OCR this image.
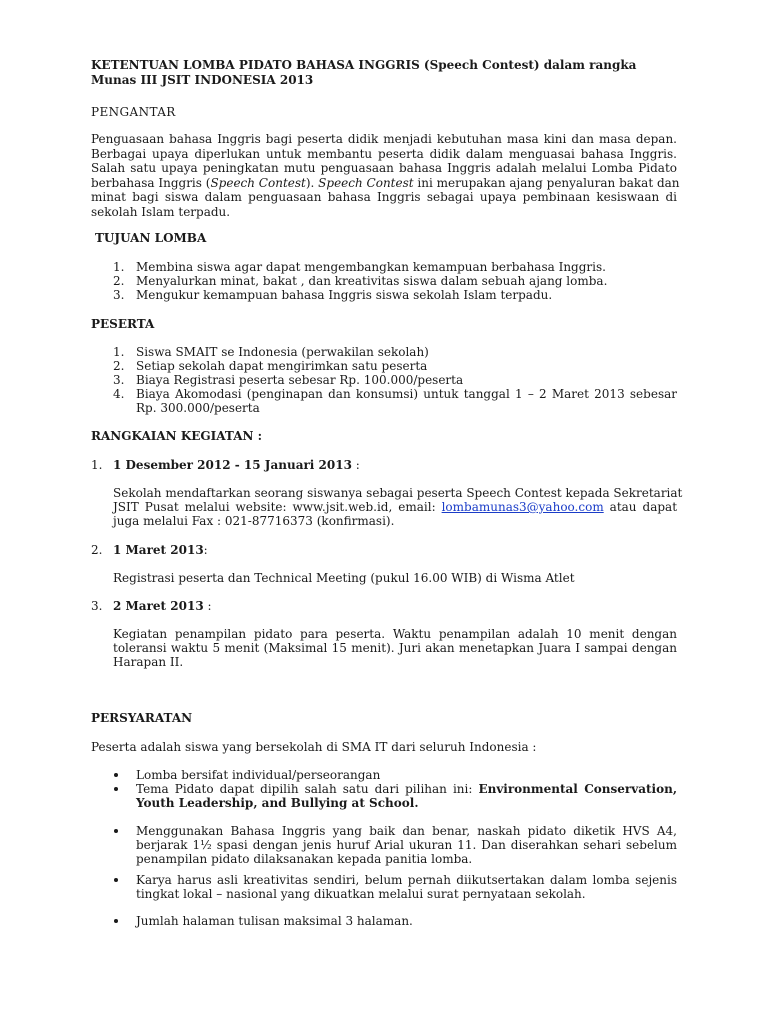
KETENTUAN LOMBA PIDATO BAHASA INGGRIS (Speech Contest) dalam rangka
Munas III JSIT INDONESIA 2013
PENGANTAR
Penguasaan bahasa Inggris bagi peserta didik menjadi kebutuhan masa kini dan masa depan.
Berbagai upaya diperlukan untuk membantu peserta didik dalam menguasai bahasa Inggris.
Salah satu upaya peningkatan mutu penguasaan bahasa Inggris adalah melalui Lomba Pidato
berbahasa Inggris (Speech Contest). Speech Contest ini merupakan ajang penyaluran bakat dan
minat bagi siswa dalam penguasaan bahasa Inggris sebagai upaya pembinaan kesiswaan di
sekolah Islam terpadu.
TUJUAN LOMBA
1. Membina siswa agar dapat mengembangkan kemampuan berbahasa Inggris.
2. Menyalurkan minat, bakat , dan kreativitas siswa dalam sebuah ajang lomba.
3. Mengukur kemampuan bahasa Inggris siswa sekolah Islam terpadu.
PESERTA
1. Siswa SMAIT se Indonesia (perwakilan sekolah)
2. Setiap sekolah dapat mengirimkan satu peserta
3. Biaya Registrasi peserta sebesar Rp. 100.000/peserta
4. Biaya Akomodasi (penginapan dan konsumsi) untuk tanggal 1 – 2 Maret 2013 sebesar
Rp. 300.000/peserta
RANGKAIAN KEGIATAN :
1. 1 Desember 2012 - 15 Januari 2013 :
Sekolah mendaftarkan seorang siswanya sebagai peserta Speech Contest kepada Sekretariat
JSIT Pusat melalui website: www.jsit.web.id, email: lombamunas3@yahoo.com atau dapat
juga melalui Fax : 021-87716373 (konfirmasi).
2. 1 Maret 2013:
Registrasi peserta dan Technical Meeting (pukul 16.00 WIB) di Wisma Atlet
3. 2 Maret 2013 :
Kegiatan penampilan pidato para peserta. Waktu penampilan adalah 10 menit dengan
toleransi waktu 5 menit (Maksimal 15 menit). Juri akan menetapkan Juara I sampai dengan
Harapan II.
PERSYARATAN
Peserta adalah siswa yang bersekolah di SMA IT dari seluruh Indonesia :
Lomba bersifat individual/perseorangan
Tema Pidato dapat dipilih salah satu dari pilihan ini: Environmental Conservation,
Youth Leadership, and Bullying at School.
Menggunakan Bahasa Inggris yang baik dan benar, naskah pidato diketik HVS A4,
berjarak 1½ spasi dengan jenis huruf Arial ukuran 11. Dan diserahkan sehari sebelum
penampilan pidato dilaksanakan kepada panitia lomba.
Karya harus asli kreativitas sendiri, belum pernah diikutsertakan dalam lomba sejenis
tingkat lokal – nasional yang dikuatkan melalui surat pernyataan sekolah.
Jumlah halaman tulisan maksimal 3 halaman.
